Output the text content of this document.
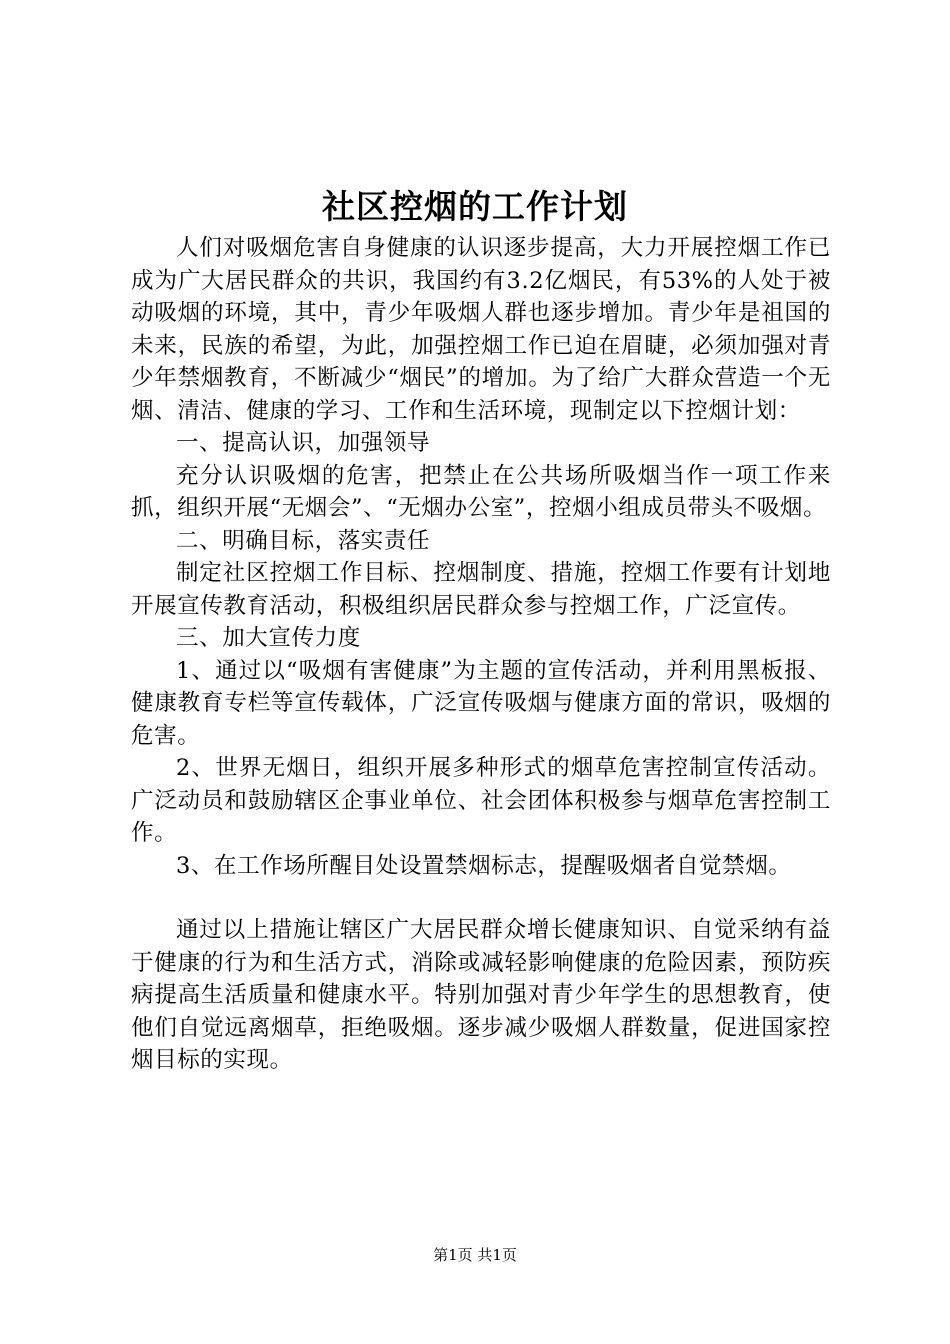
社区控烟的工作计划

人们对吸烟危害自身健康的认识逐步提高，大力开展控烟工作已成为广大居民群众的共识，我国约有3.2亿烟民，有53%的人处于被动吸烟的环境，其中，青少年吸烟人群也逐步增加。青少年是祖国的未来，民族的希望，为此，加强控烟工作已迫在眉睫，必须加强对青少年禁烟教育，不断减少“烟民”的增加。为了给广大群众营造一个无烟、清洁、健康的学习、工作和生活环境，现制定以下控烟计划：

一、提高认识，加强领导

充分认识吸烟的危害，把禁止在公共场所吸烟当作一项工作来抓，组织开展“无烟会”、“无烟办公室”，控烟小组成员带头不吸烟。

二、明确目标，落实责任

制定社区控烟工作目标、控烟制度、措施，控烟工作要有计划地开展宣传教育活动，积极组织居民群众参与控烟工作，广泛宣传。

三、加大宣传力度

1、通过以“吸烟有害健康”为主题的宣传活动，并利用黑板报、健康教育专栏等宣传载体，广泛宣传吸烟与健康方面的常识，吸烟的危害。

2、世界无烟日，组织开展多种形式的烟草危害控制宣传活动。广泛动员和鼓励辖区企事业单位、社会团体积极参与烟草危害控制工作。

3、在工作场所醒目处设置禁烟标志，提醒吸烟者自觉禁烟。

通过以上措施让辖区广大居民群众增长健康知识、自觉采纳有益于健康的行为和生活方式，消除或减轻影响健康的危险因素，预防疾病提高生活质量和健康水平。特别加强对青少年学生的思想教育，使他们自觉远离烟草，拒绝吸烟。逐步减少吸烟人群数量，促进国家控烟目标的实现。

第1页 共1页
